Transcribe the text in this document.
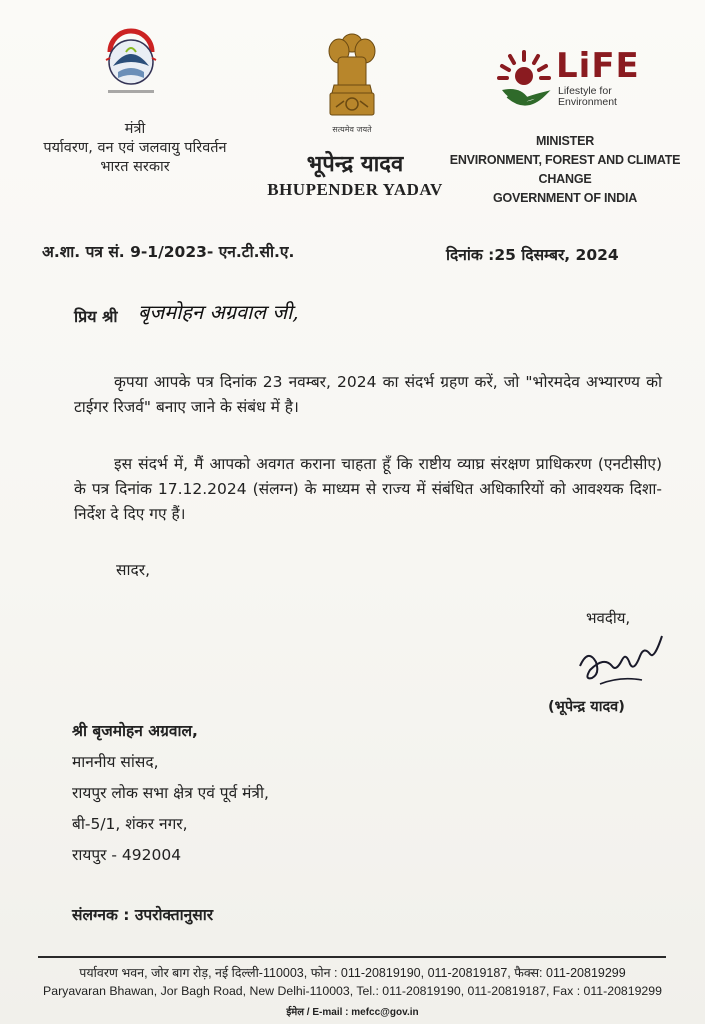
सत्यमेव जयते
LiFE
Lifestyle for
Environment
मंत्री
पर्यावरण, वन एवं जलवायु परिवर्तन
भारत सरकार	भूपेन्द्र यादव
BHUPENDER YADAV
MINISTER
ENVIRONMENT, FOREST AND CLIMATE CHANGE
GOVERNMENT OF INDIA
अ.शा. पत्र सं. 9-1/2023- एन.टी.सी.ए.	दिनांक :25 दिसम्बर, 2024
प्रिय श्री बृजमोहन अग्रवाल जी,
कृपया आपके पत्र दिनांक 23 नवम्बर, 2024 का संदर्भ ग्रहण करें, जो "भोरमदेव अभ्यारण्य को टाईगर रिजर्व" बनाए जाने के संबंध में है।
इस संदर्भ में, मैं आपको अवगत कराना चाहता हूँ कि राष्टीय व्याघ्र संरक्षण प्राधिकरण (एनटीसीए) के पत्र दिनांक 17.12.2024 (संलग्न) के माध्यम से राज्य में संबंधित अधिकारियों को आवश्यक दिशा-निर्देश दे दिए गए हैं।
सादर,
भवदीय,
(भूपेन्द्र यादव)
श्री बृजमोहन अग्रवाल,
माननीय सांसद,
रायपुर लोक सभा क्षेत्र एवं पूर्व मंत्री,
बी-5/1, शंकर नगर,
रायपुर - 492004
संलग्नक : उपरोक्तानुसार
पर्यावरण भवन, जोर बाग रोड़, नई दिल्ली-110003, फोन : 011-20819190, 011-20819187, फैक्स: 011-20819299
Paryavaran Bhawan, Jor Bagh Road, New Delhi-110003, Tel.: 011-20819190, 011-20819187, Fax : 011-20819299
ईमेल / E-mail : mefcc@gov.in
